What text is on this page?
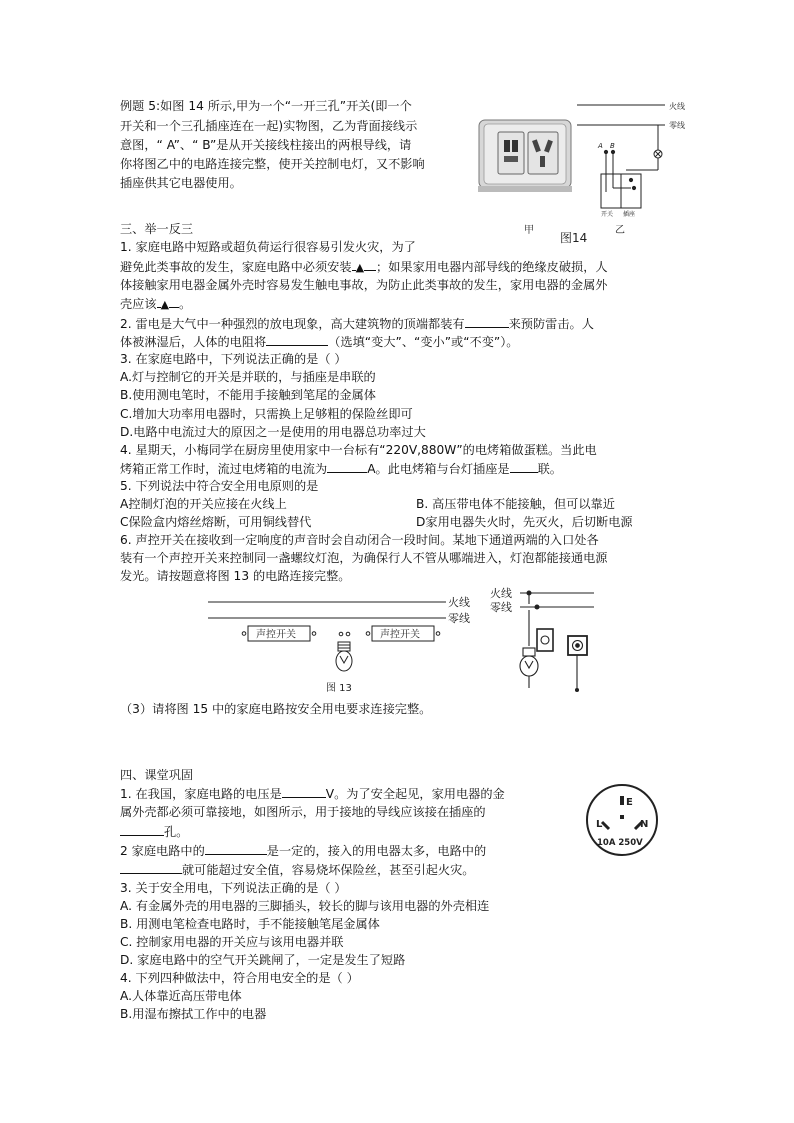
例题 5:如图 14 所示,甲为一个“一开三孔”开关(即一个
开关和一个三孔插座连在一起)实物图，乙为背面接线示
意图，“ A”、“ B”是从开关接线柱接出的两根导线，请
你将图乙中的电路连接完整，使开关控制电灯，又不影响
插座供其它电器使用。
火线
零线
A B
开关 插座
甲
图14
乙
三、举一反三
1. 家庭电路中短路或超负荷运行很容易引发火灾，为了
避免此类事故的发生，家庭电路中必须安装 ▲ ；如果家用电器内部导线的绝缘皮破损，人
体接触家用电器金属外壳时容易发生触电事故，为防止此类事故的发生，家用电器的金属外
壳应该 ▲ 。
2. 雷电是大气中一种强烈的放电现象，高大建筑物的顶端都装有	来预防雷击。人
体被淋湿后，人体的电阻将	（选填“变大”、“变小”或“不变”）。
3. 在家庭电路中，下列说法正确的是（ ）
A.灯与控制它的开关是并联的，与插座是串联的
B.使用测电笔时，不能用手接触到笔尾的金属体
C.增加大功率用电器时，只需换上足够粗的保险丝即可
D.电路中电流过大的原因之一是使用的用电器总功率过大
4. 星期天，小梅同学在厨房里使用家中一台标有“220V,880W”的电烤箱做蛋糕。当此电
烤箱正常工作时，流过电烤箱的电流为	A。此电烤箱与台灯插座是 联。
5. 下列说法中符合安全用电原则的是
A控制灯泡的开关应接在火线上	B. 高压带电体不能接触，但可以靠近
C保险盒内熔丝熔断，可用铜线替代	D家用电器失火时，先灭火，后切断电源
6. 声控开关在接收到一定响度的声音时会自动闭合一段时间。某地下通道两端的入口处各
装有一个声控开关来控制同一盏螺纹灯泡，为确保行人不管从哪端进入，灯泡都能接通电源
发光。请按题意将图 13 的电路连接完整。
火线
零线
声控开关	声控开关
图 13
火线
零线
（3）请将图 15 中的家庭电路按安全用电要求连接完整。
四、课堂巩固
1. 在我国，家庭电路的电压是	V。为了安全起见，家用电器的金
属外壳都必须可靠接地，如图所示，用于接地的导线应该接在插座的
孔。
2 家庭电路中的	是一定的，接入的用电器太多，电路中的
就可能超过安全值，容易烧坏保险丝，甚至引起火灾。
3. 关于安全用电，下列说法正确的是（ ）
A. 有金属外壳的用电器的三脚插头，较长的脚与该用电器的外壳相连
B. 用测电笔检查电路时，手不能接触笔尾金属体
C. 控制家用电器的开关应与该用电器并联
D. 家庭电路中的空气开关跳闸了，一定是发生了短路
4. 下列四种做法中，符合用电安全的是（ ）
A.人体靠近高压带电体
B.用湿布擦拭工作中的电器
E
L	N
10A 250V
